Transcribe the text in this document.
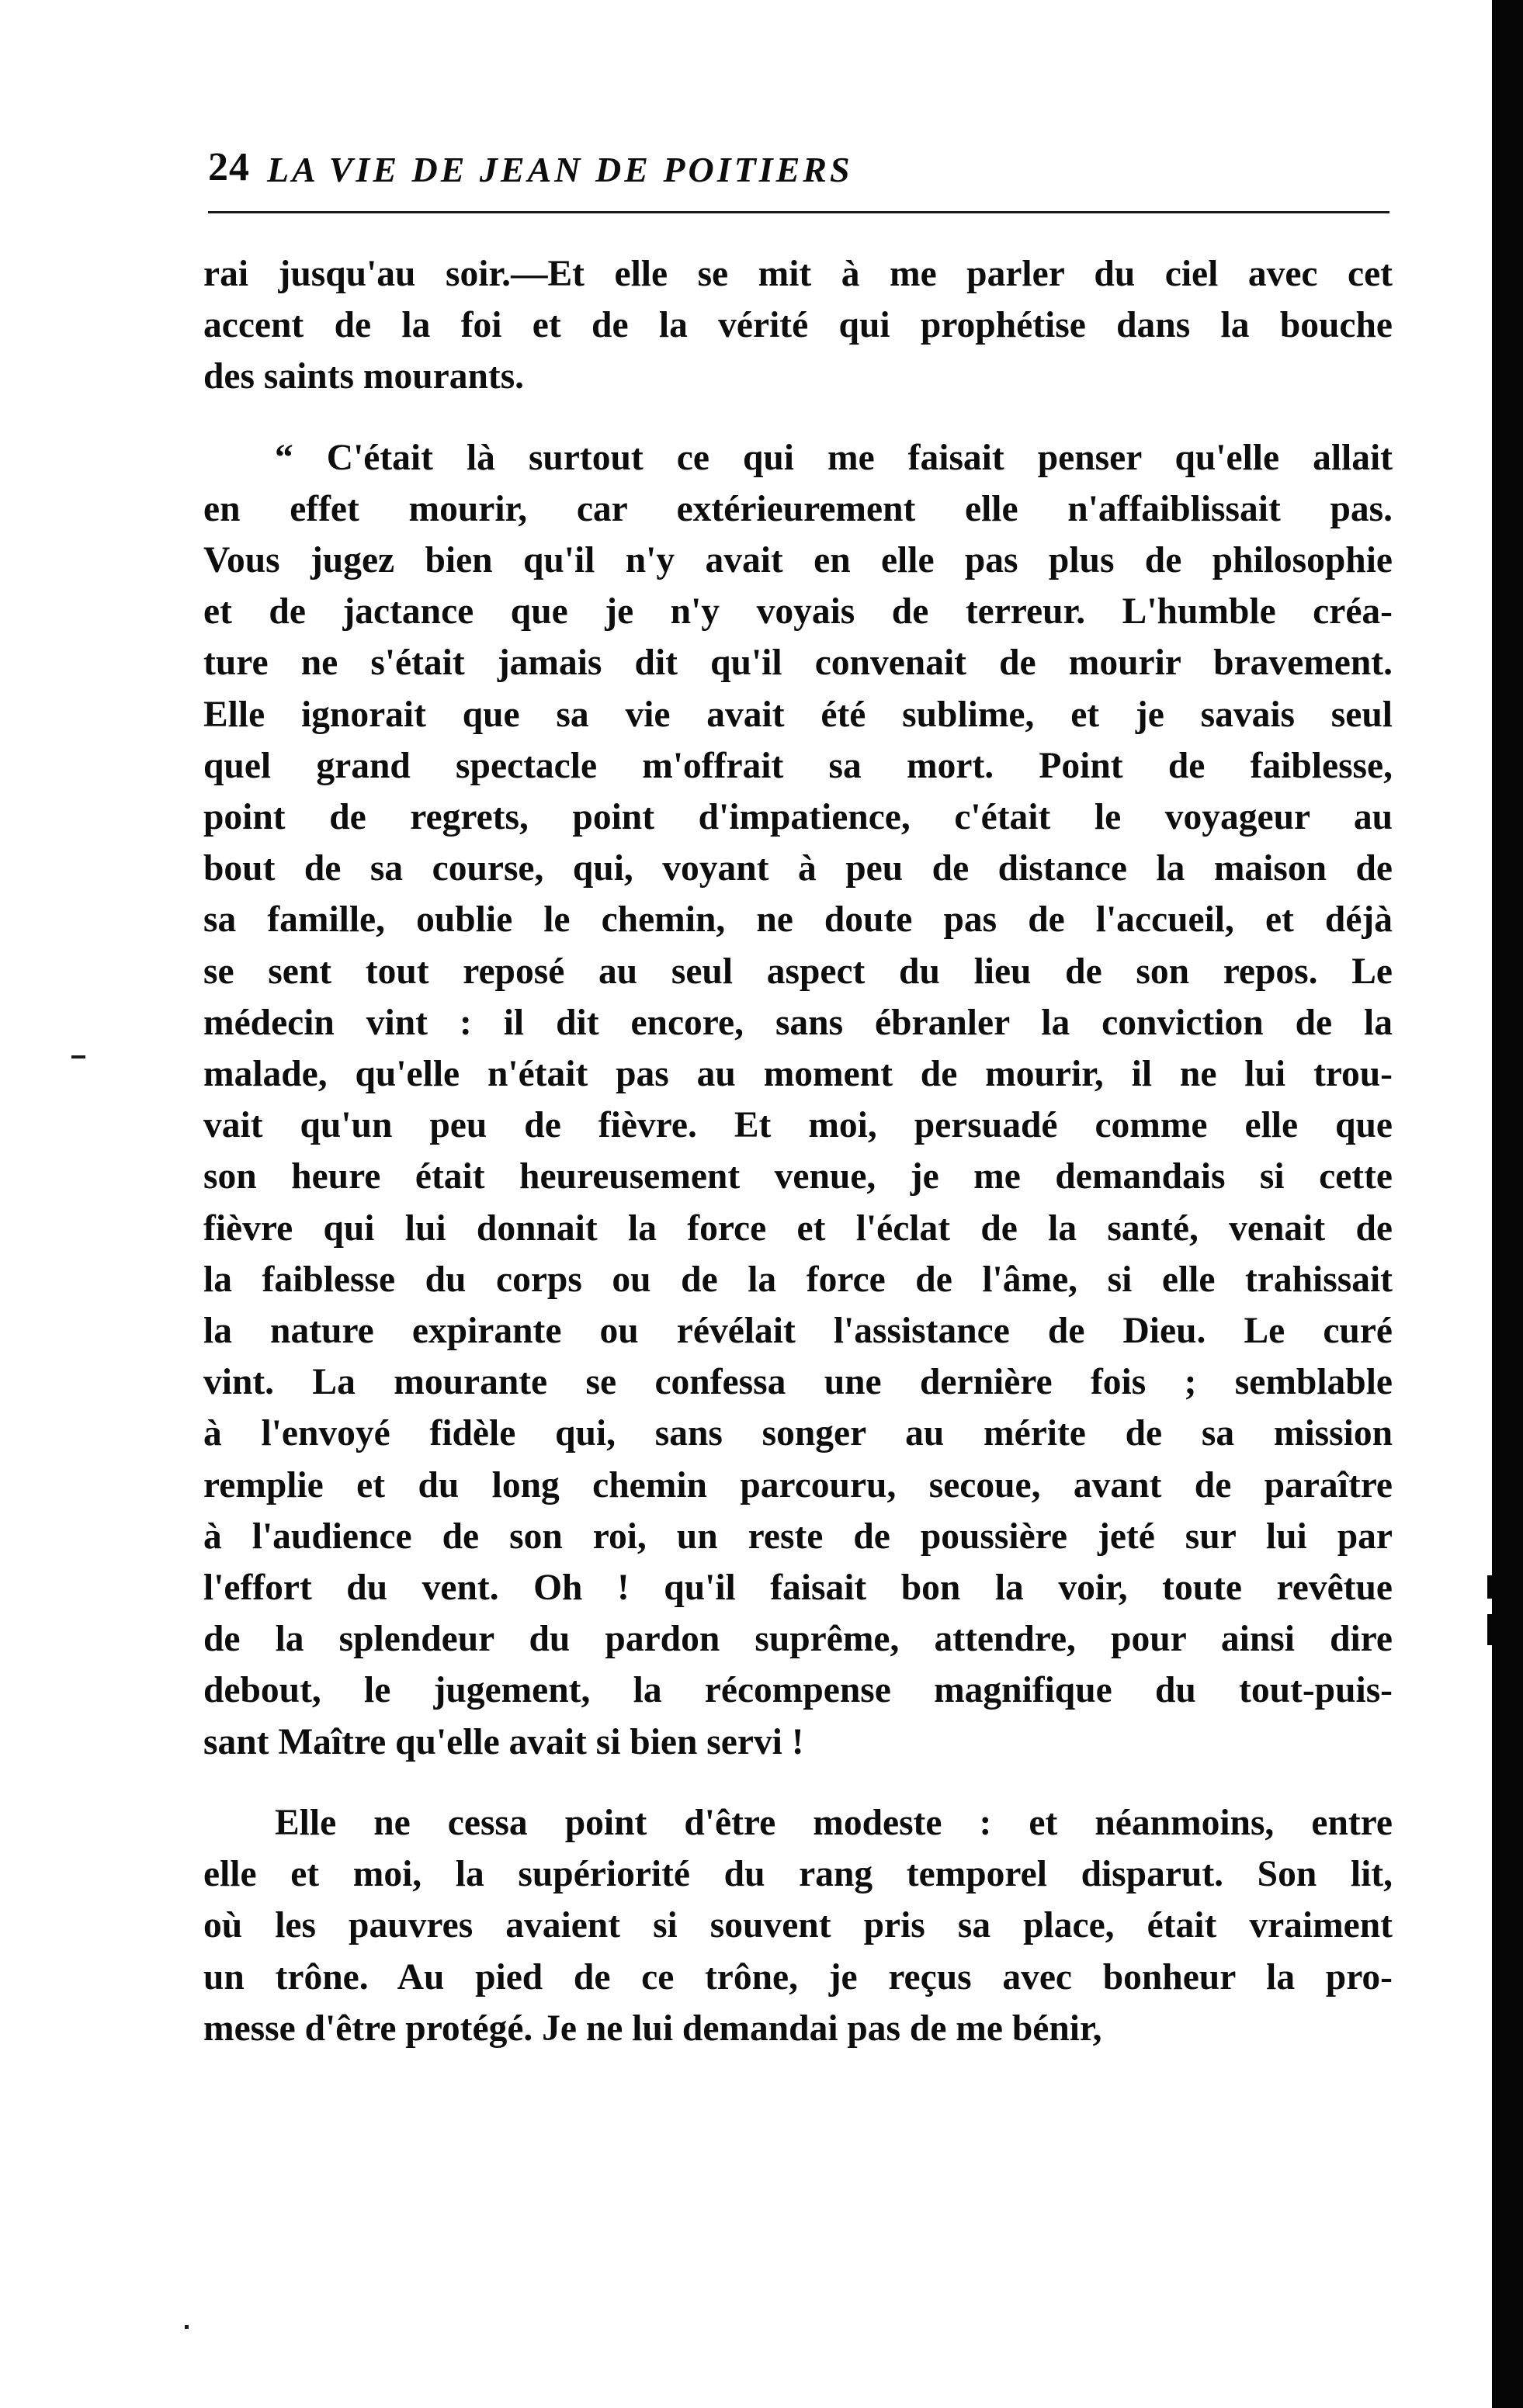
24 LA VIE DE JEAN DE POITIERS
rai jusqu'au soir.—Et elle se mit à me parler du ciel avec cet
accent de la foi et de la vérité qui prophétise dans la bouche
des saints mourants.
“ C'était là surtout ce qui me faisait penser qu'elle allait
en effet mourir, car extérieurement elle n'affaiblissait pas.
Vous jugez bien qu'il n'y avait en elle pas plus de philosophie
et de jactance que je n'y voyais de terreur. L'humble créa-
ture ne s'était jamais dit qu'il convenait de mourir bravement.
Elle ignorait que sa vie avait été sublime, et je savais seul
quel grand spectacle m'offrait sa mort. Point de faiblesse,
point de regrets, point d'impatience, c'était le voyageur au
bout de sa course, qui, voyant à peu de distance la maison de
sa famille, oublie le chemin, ne doute pas de l'accueil, et déjà
se sent tout reposé au seul aspect du lieu de son repos. Le
médecin vint : il dit encore, sans ébranler la conviction de la
malade, qu'elle n'était pas au moment de mourir, il ne lui trou-
vait qu'un peu de fièvre. Et moi, persuadé comme elle que
son heure était heureusement venue, je me demandais si cette
fièvre qui lui donnait la force et l'éclat de la santé, venait de
la faiblesse du corps ou de la force de l'âme, si elle trahissait
la nature expirante ou révélait l'assistance de Dieu. Le curé
vint. La mourante se confessa une dernière fois ; semblable
à l'envoyé fidèle qui, sans songer au mérite de sa mission
remplie et du long chemin parcouru, secoue, avant de paraître
à l'audience de son roi, un reste de poussière jeté sur lui par
l'effort du vent. Oh ! qu'il faisait bon la voir, toute revêtue
de la splendeur du pardon suprême, attendre, pour ainsi dire
debout, le jugement, la récompense magnifique du tout-puis-
sant Maître qu'elle avait si bien servi !
Elle ne cessa point d'être modeste : et néanmoins, entre
elle et moi, la supériorité du rang temporel disparut. Son lit,
où les pauvres avaient si souvent pris sa place, était vraiment
un trône. Au pied de ce trône, je reçus avec bonheur la pro-
messe d'être protégé. Je ne lui demandai pas de me bénir,
